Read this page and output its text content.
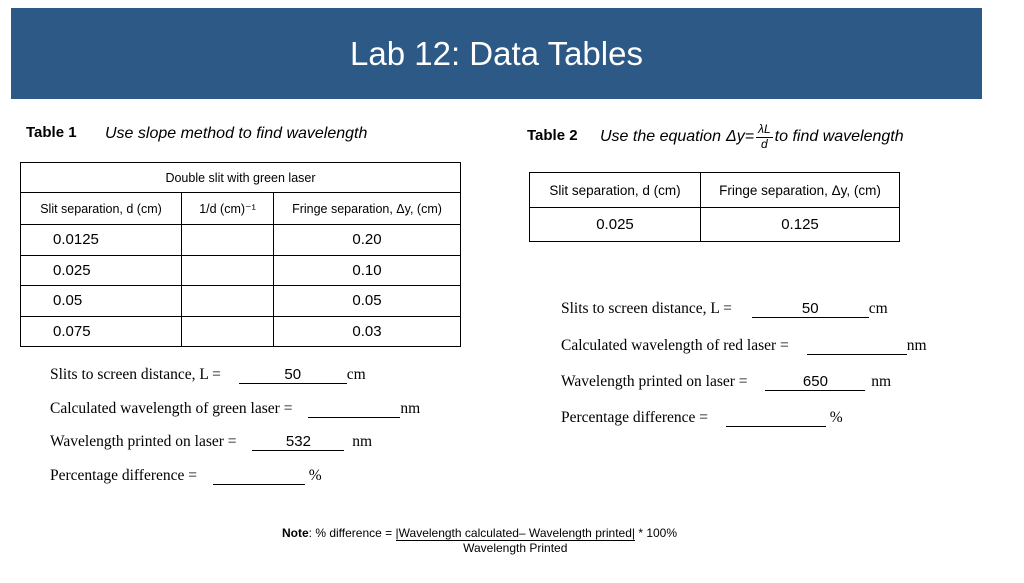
Lab 12: Data Tables
Table 1 Use slope method to find wavelength
Double slit with green laser		
Slit separation, d (cm)	1/d (cm)⁻¹	Fringe separation, Δy, (cm)
0.0125		0.20
0.025		0.10
0.05		0.05
0.075		0.03
Table 2 Use the equation $\Delta y= \frac{\lambda L}{d}$ to find wavelength
Slit separation, d (cm)	Fringe separation, Δy, (cm)
0.025	0.125
Slits to screen distance, L =	50	cm
Calculated wavelength of green laser =	nm
Wavelength printed on laser =	532	nm
Percentage difference =	%
Slits to screen distance, L =	50	cm
Calculated wavelength of red laser =	nm
Wavelength printed on laser =	650	nm
Percentage difference =	%
Note: % difference = |Wavelength calculated– Wavelength printed|
Wavelength Printed
* 100%
